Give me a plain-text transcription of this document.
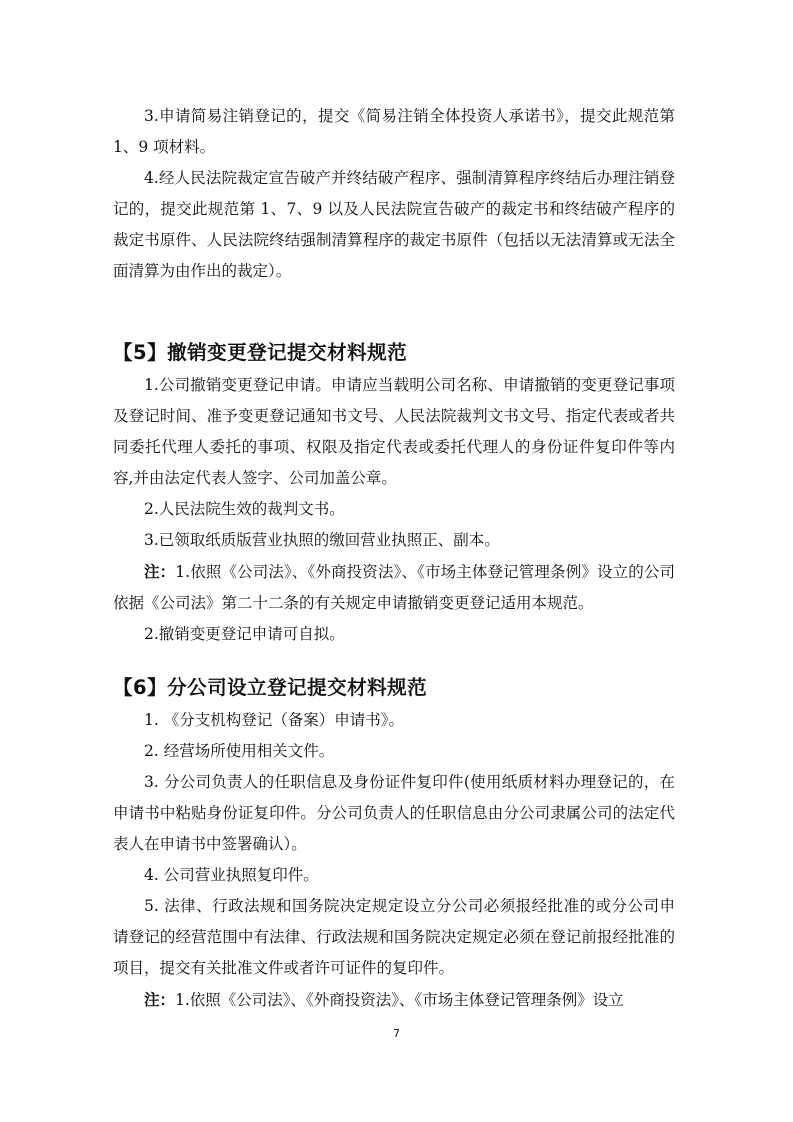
3.申请简易注销登记的，提交《简易注销全体投资人承诺书》，提交此规范第 1、9 项材料。

4.经人民法院裁定宣告破产并终结破产程序、强制清算程序终结后办理注销登记的，提交此规范第 1、7、9 以及人民法院宣告破产的裁定书和终结破产程序的裁定书原件、人民法院终结强制清算程序的裁定书原件（包括以无法清算或无法全面清算为由作出的裁定）。

【5】撤销变更登记提交材料规范

1.公司撤销变更登记申请。申请应当载明公司名称、申请撤销的变更登记事项及登记时间、准予变更登记通知书文号、人民法院裁判文书文号、指定代表或者共同委托代理人委托的事项、权限及指定代表或委托代理人的身份证件复印件等内容,并由法定代表人签字、公司加盖公章。

2.人民法院生效的裁判文书。

3.已领取纸质版营业执照的缴回营业执照正、副本。

注：1.依照《公司法》、《外商投资法》、《市场主体登记管理条例》设立的公司依据《公司法》第二十二条的有关规定申请撤销变更登记适用本规范。

2.撤销变更登记申请可自拟。

【6】分公司设立登记提交材料规范

1. 《分支机构登记（备案）申请书》。

2. 经营场所使用相关文件。

3. 分公司负责人的任职信息及身份证件复印件(使用纸质材料办理登记的，在申请书中粘贴身份证复印件。分公司负责人的任职信息由分公司隶属公司的法定代表人在申请书中签署确认）。

4. 公司营业执照复印件。

5. 法律、行政法规和国务院决定规定设立分公司必须报经批准的或分公司申请登记的经营范围中有法律、行政法规和国务院决定规定必须在登记前报经批准的项目，提交有关批准文件或者许可证件的复印件。

注：1.依照《公司法》、《外商投资法》、《市场主体登记管理条例》设立

7
